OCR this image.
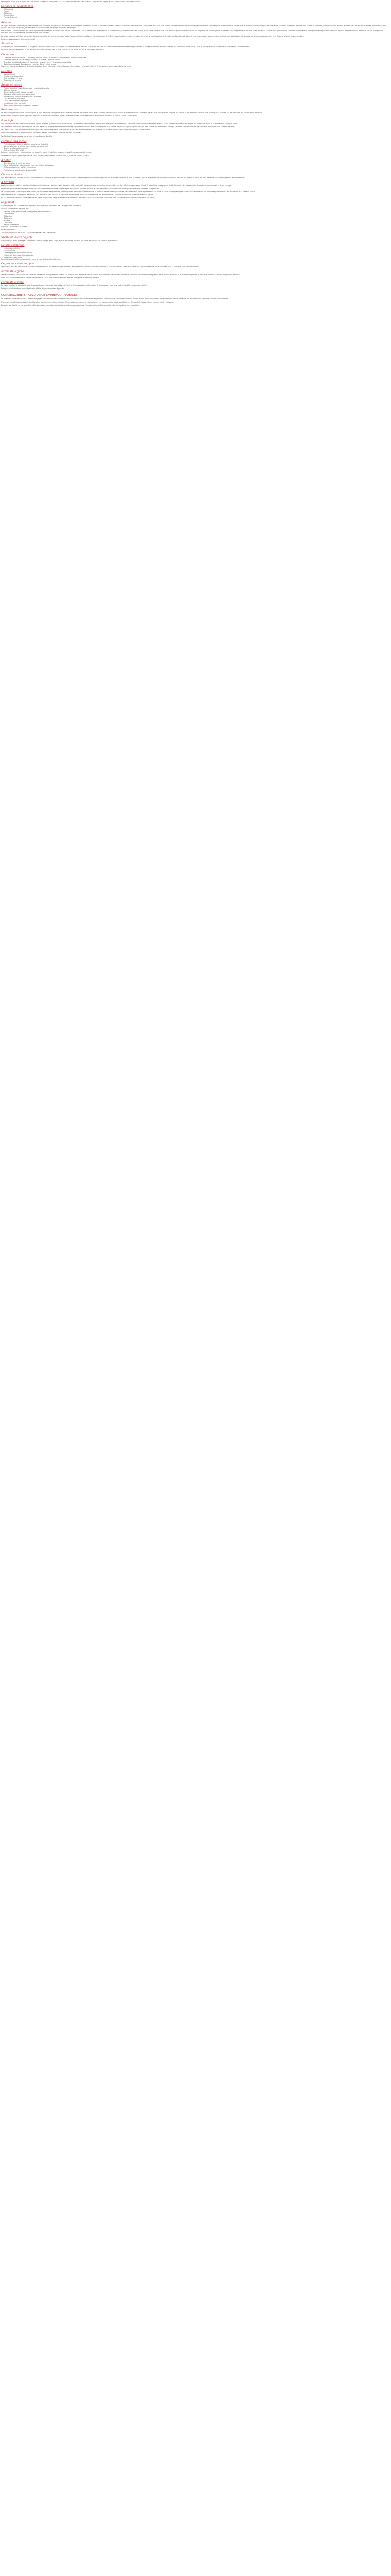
Description fourni par le séjour 18 à 24 mois à compter du 1er juillet 2022 en formule hôtel dans les Alpes du Sud (Hautes-Alpes), le prix comprend les services suivants.

Services et équipements
- Wifi gratuit
- Piscine
- Télévision
- Climatisation
- Courts de tennis
Résumé

Le séjour à l'Hôtel d'Aigue-Marine se déroule dans un cadre exceptionnel, entre mer et montagne. Profitez du confort d'un établissement 4 étoiles proposant des chambres spacieuses avec vue, une cuisine raffinée de produits locaux et de nombreuses activités pour toute la famille. L'hôtel met à votre disposition une piscine extérieure chauffée, un espace détente avec sauna et hammam, ainsi qu'un club enfants encadré par une équipe qualifiée. À proximité, vous pourrez découvrir les plages, les sentiers de randonnée et les villages typiques de la région.

Présentation : l'établissement est situé à proximité immédiate du centre-ville et des commerces. Les chambres sont équipées de la climatisation, d'une télévision écran plat, d'un coffre-fort et d'une salle de bains privative avec douche ou baignoire. Le petit-déjeuner buffet est servi chaque matin en salle ou en terrasse. Le restaurant propose une cuisine traditionnelle et des spécialités régionales élaborées à partir de produits frais de saison. Le bar lounge vous accueille pour un moment de détente autour d'un cocktail.

Le séjour comprend l'hébergement en pension complète ou en demi-pension selon l'option choisie, l'accès aux infrastructures de l'hôtel, les animations en journée et en soirée ainsi que l'assistance de notre représentant sur place. Il ne comprend pas les excursions facultatives, les boissons hors repas, les dépenses personnelles et la taxe de séjour à régler sur place.

Réservez vos vacances dès maintenant !

Situation

L'hôtel se situe à 800 mètres de la plage et à 3 km du centre-ville. L'aéroport international est à environ 25 minutes en voiture. Une navette gratuite dessert régulièrement la plage et le centre en haute saison. De nombreux restaurants, bars et boutiques sont accessibles à pied depuis l'établissement.

Distance depuis l'aéroport : 25 km environ (transfert inclus). Gare la plus proche : 4 km. Arrêt de bus à 100 mètres de l'hôtel.

Chambres
- Chambre double standard (2 adultes) : environ 20 m², lit double ou lits jumeaux, balcon ou terrasse
- Chambre supérieure vue mer (2 adultes + 1 enfant) : environ 25 m²
- Chambre familiale (2 adultes + 2 enfants) : environ 30 m², deux espaces séparés
- Suite junior (jusqu'à 4 personnes) : environ 40 m², salon séparé

Toutes les chambres disposent de la climatisation, d'une télévision, d'un téléphone, d'un minibar, d'un coffre-fort et d'une salle de bains avec sèche-cheveux.

Les plus
- Vue sur la mer
- Emplacement au calme
- Club enfants 4-12 ans
- Restaurant à la carte
Sports et loisirs
- Piscine extérieure avec bassin pour enfants et transats
- Salle de fitness
- Terrain de tennis (éclairage payant)
- Tennis de table, pétanque, volley-ball
- Animation en journée et spectacles en soirée
- Club enfants et mini-disco
- Cours de danse et d'aquagym
- Location de vélos (payant)
- Spa : sauna, hammam, massages (payant)
Restauration

Le restaurant principal vous accueille pour le petit-déjeuner, le déjeuner et le dîner sous forme de buffets variés avec un choix de spécialités locales et internationales. Un snack-bar au bord de la piscine propose des encas et des boissons fraîches tout au long de la journée. Le bar de l'hôtel est ouvert jusqu'à minuit.

Formule tout compris : petit-déjeuner, déjeuner et dîner sous forme de buffet, boissons locales alcoolisées et non alcoolisées de 10h00 à 23h00, snacks l'après-midi.

Pour info

Une caution vous sera demandée à votre arrivée à l'hôtel (carte bancaire ou espèces). Les horaires d'arrivée et de départ sont fixés par l'établissement : arrivée à partir de 14h00 et départ avant 12h00. Une tenue correcte est exigée au restaurant le soir. Les animaux ne sont pas admis.

Le nombre de personnes par chambre ne peut dépasser la capacité maximale indiquée. Les enfants doivent être accompagnés d'un adulte. Le prix du séjour dépend de l'âge des enfants au moment du voyage. Des frais supplémentaires peuvent être appliqués pour certains services.

INFORMATIONS : Les informations sur le séjour sont communiquées à titre indicatif et peuvent être modifiées sans préavis par l'établissement. Les photos ne sont pas contractuelles.

Votre séjour est calculé en fonction de la date de départ choisie et du nombre de nuits réservées.

Tarif indicatif par personne sur la base d'une chambre double.

Formule tout inclus
- Petit-déjeuner, déjeuner et dîner sous forme de buffet
- Boissons locales à volonté (eau, sodas, jus, bière, vin)
- Snacks et glaces l'après-midi
- Café et thé de 10h à 18h

Boissons non incluses : eau minérale en bouteille, jus de fruits frais, boissons importées et cocktails à la carte.

Horaires des repas : petit-déjeuner de 7h00 à 10h00, déjeuner de 12h30 à 14h30, dîner de 19h00 à 21h30.

A noter
- Taxe de séjour à régler sur place
- Carte d'identité ou passeport en cours de validité obligatoire
- Wifi gratuit dans les parties communes
- Parking privé gratuit selon disponibilité
Charte sanitaire

Afin de garantir la sécurité de tous, l'établissement applique un protocole sanitaire renforcé : nettoyage et désinfection réguliers des espaces communs et des chambres, mise à disposition de gel hydroalcoolique, respect des distances dans les lieux de restauration et adaptation des animations.

A SAVOIR

Les informations relatives aux formalités administratives et sanitaires sont données à titre indicatif. Nous vous recommandons de consulter les sites officiels avant votre départ. Il appartient au voyageur de vérifier qu'il est en possession des documents nécessaires à son voyage.

Formalités pour les ressortissants français : carte nationale d'identité ou passeport en cours de validité. Pour les autres nationalités, veuillez vous renseigner auprès des autorités compétentes.

Le prix comprend : le transport aller-retour, les transferts aéroport-hôtel, l'hébergement dans la chambre choisie, la formule de restauration indiquée, l'assistance de notre représentant sur place. Le prix ne comprend pas : l'assurance annulation, les dépenses personnelles, les excursions et la taxe de séjour.

Les horaires et les compagnies aériennes sont donnés à titre indicatif et peuvent être modifiés. Nous vous conseillons de reconfirmer les horaires de vos vols 48 heures avant le départ.

En cas de modification de votre réservation, des frais peuvent s'appliquer selon les conditions de vente. Nous vous invitons à consulter nos conditions générales et particulières de vente.

Logement

L'hôtel dispose de 112 chambres réparties dans plusieurs bâtiments de 2 étages avec ascenseur.

Chaque chambre est équipée de :

- Salle de bains avec douche ou baignoire, sèche-cheveux
- Climatisation
- Télévision
- Téléphone
- Minibar
- Coffre-fort
- Balcon ou terrasse

Capacité : 2 adultes + 1 enfant

Pour information :

- Chambre familiale de 40 m² : capacité maximale de 4 personnes

Sports et loisirs payants

Centre de spa avec massages, hammam, soins du visage et du corps, sports nautiques, location de vélos, excursions et activités à proximité.

Ce prix comprend
- Le transport aérien
- Les transferts
- L'hébergement en chambre double
- La formule de restauration indiquée
- L'assistance sur place

Conditions particulières d'annulation selon le type de chambre réservée.

Ce prix ne comprend pas

Les frais de dossier, l'assurance annulation et assistance, les dépenses personnelles, les pourboires, les excursions facultatives, la taxe de séjour à régler sur place ainsi que tout service non mentionné dans la rubrique « Ce prix comprend ».

Formalité Egypte

Les ressortissants français doivent être en possession d'un passeport valable au moins 6 mois après la date de retour ou d'une carte nationale d'identité en cours de validité accompagnée de deux photos d'identité. Un visa est obligatoire et peut être obtenu à l'arrivée moyennant des frais.

Nous vous recommandons de vérifier les formalités sur le site du ministère des Affaires étrangères avant votre départ.

Formalité Egypte

Le visa d'entrée est obligatoire pour les ressortissants français. Il est délivré à l'arrivée à l'aéroport sur présentation d'un passeport ou d'une carte d'identité en cours de validité.

Pour plus d'informations, consultez le site officiel du gouvernement égyptien.

CONCIERGERIE ET ASSURANCE CARREFOUR VOYAGES

En réservant votre séjour avec Carrefour Voyages, vous bénéficiez d'un service de conciergerie disponible avant et pendant votre voyage. Nos conseillers sont à votre écoute pour vous aider à organiser votre séjour, réserver vos excursions ou répondre à toutes vos questions.

L'assurance multirisque proposée par Carrefour Voyages couvre l'annulation, l'interruption de séjour, le rapatriement, les bagages et la responsabilité civile. Elle peut être souscrite au moment de la réservation.

Pour plus de détails sur les garanties et les exclusions, veuillez consulter les conditions générales de l'assurance disponibles sur notre site ou auprès de nos conseillers.
